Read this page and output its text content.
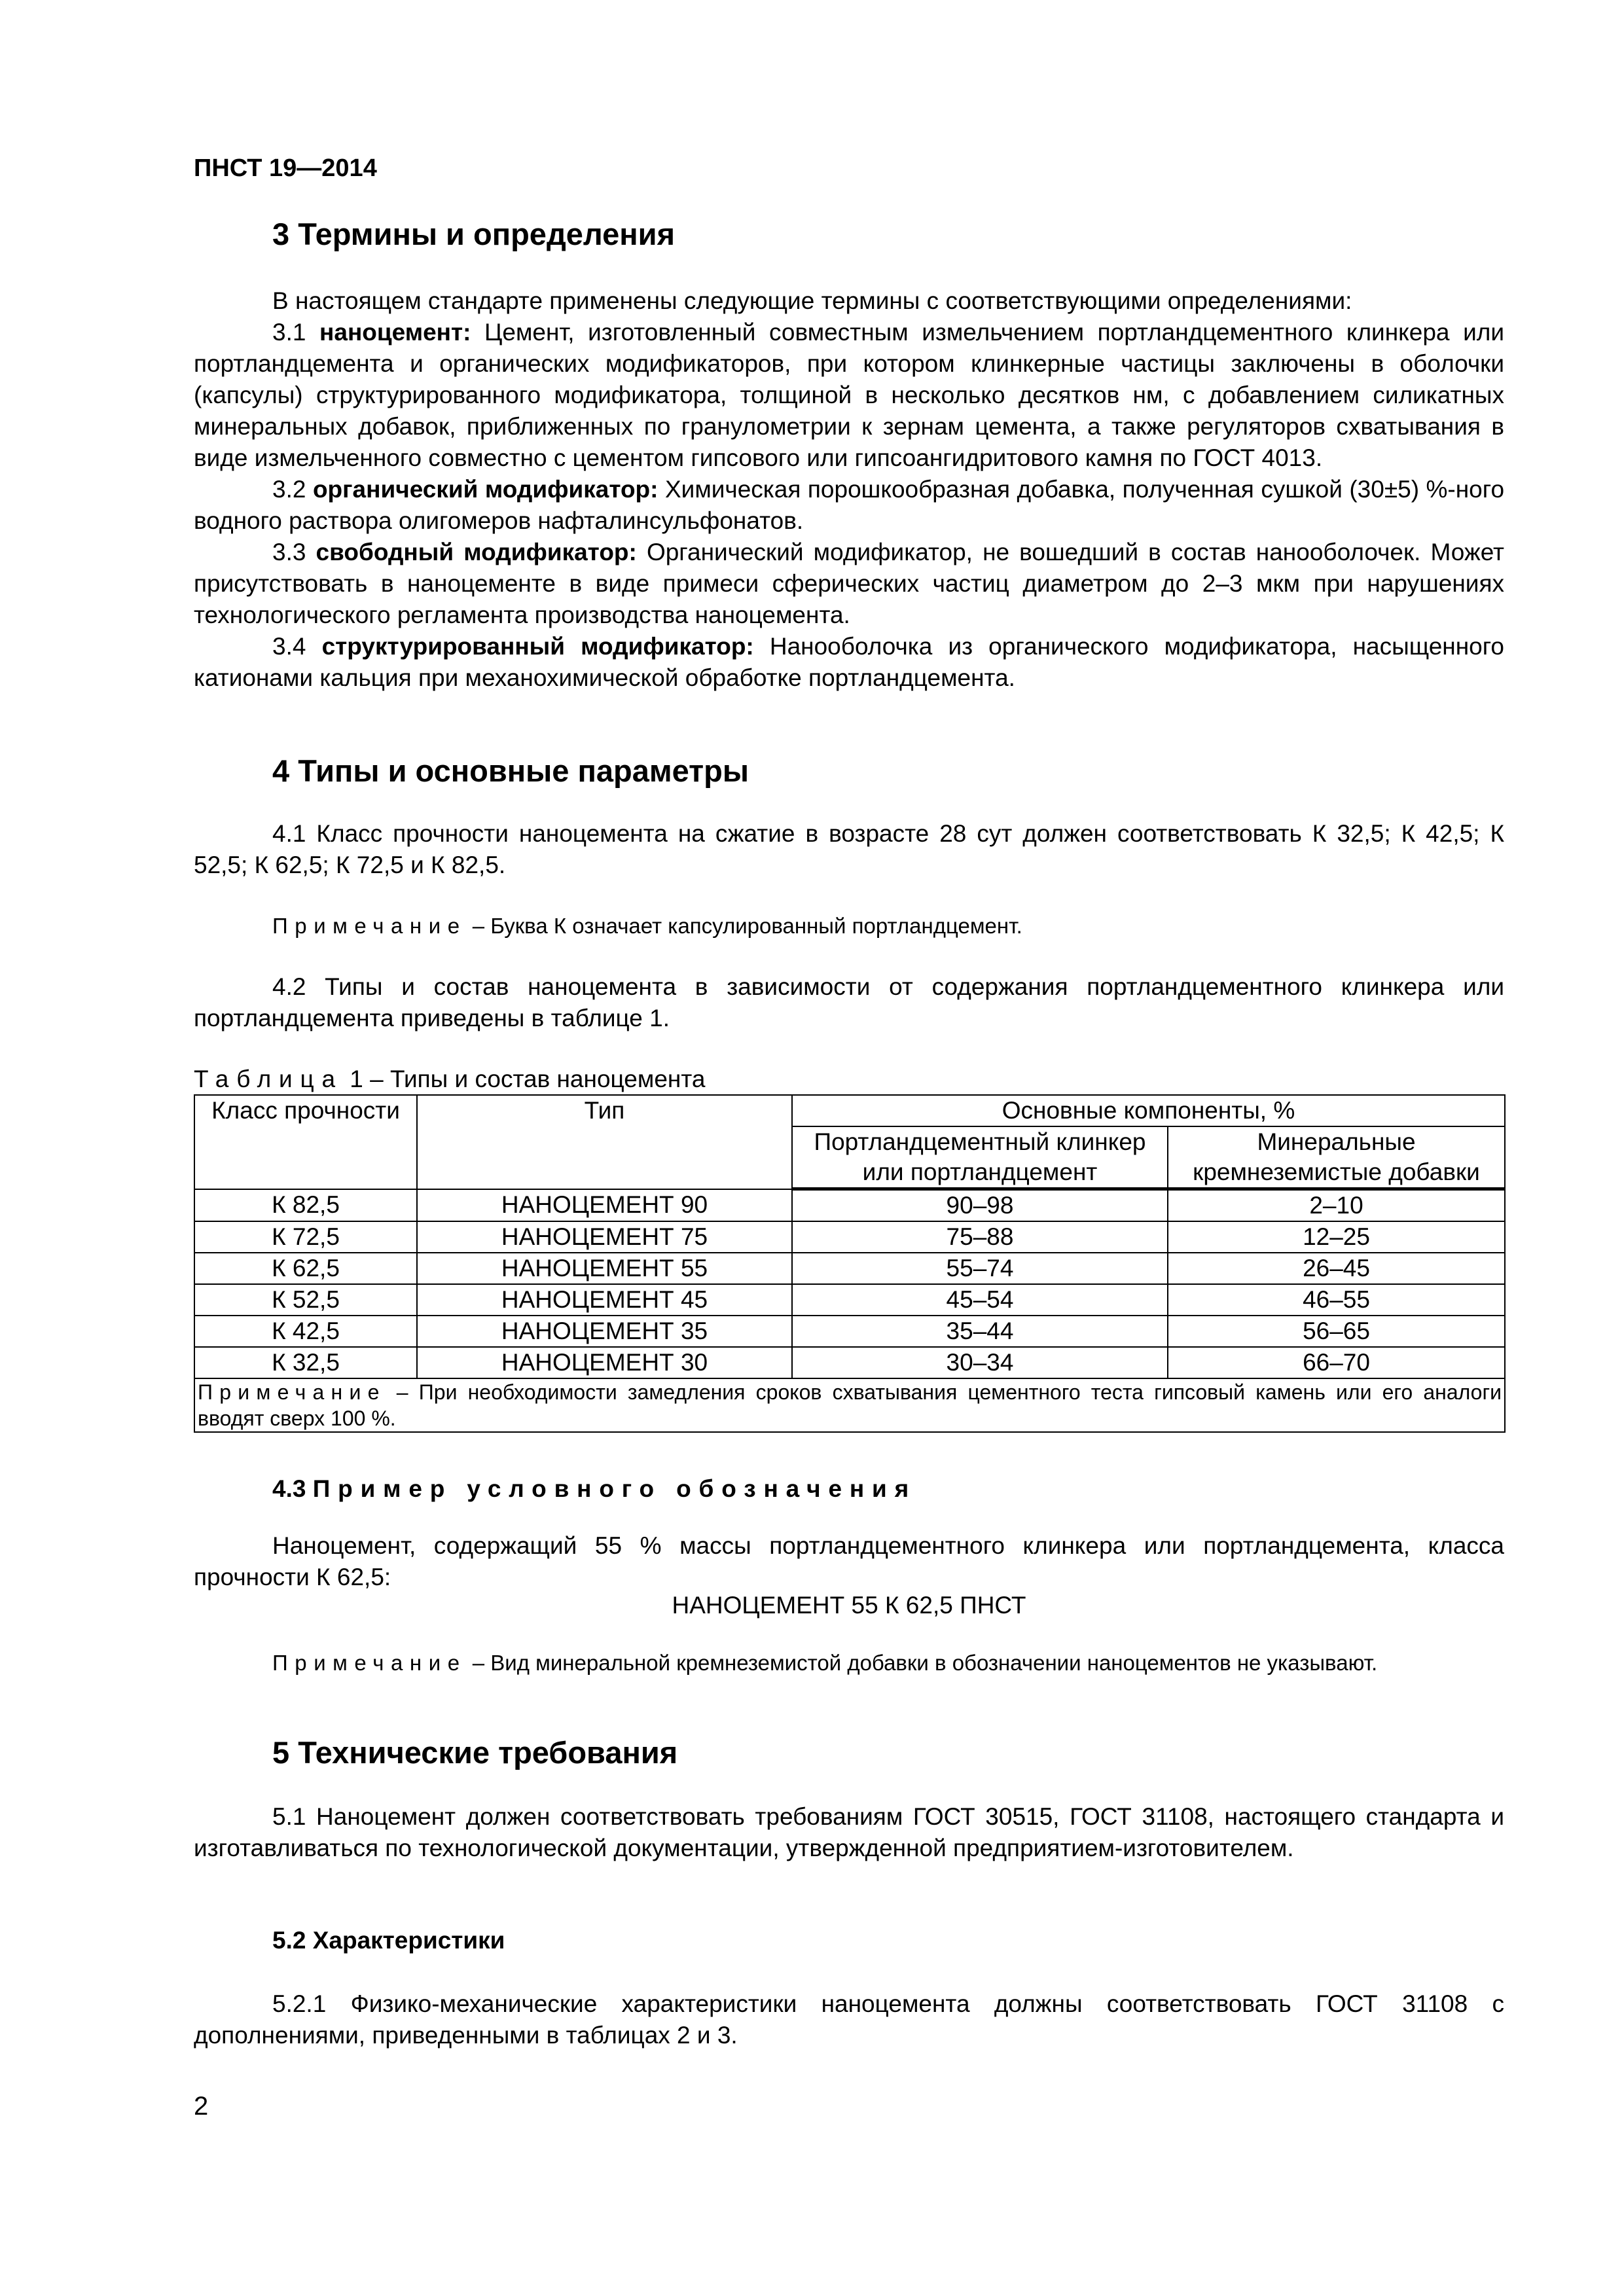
ПНСТ 19—2014
3 Термины и определения

В настоящем стандарте применены следующие термины с соответствующими определениями:

3.1 наноцемент: Цемент, изготовленный совместным измельчением портландцементного клинкера или портландцемента и органических модификаторов, при котором клинкерные частицы заключены в оболочки (капсулы) структурированного модификатора, толщиной в несколько десятков нм, с добавлением силикатных минеральных добавок, приближенных по гранулометрии к зернам цемента, а также регуляторов схватывания в виде измельченного совместно с цементом гипсового или гипсоангидритового камня по ГОСТ 4013.

3.2 органический модификатор: Химическая порошкообразная добавка, полученная сушкой (30±5) %-ного водного раствора олигомеров нафталинсульфонатов.

3.3 свободный модификатор: Органический модификатор, не вошедший в состав нанооболочек. Может присутствовать в наноцементе в виде примеси сферических частиц диаметром до 2–3 мкм при нарушениях технологического регламента производства наноцемента.

3.4 структурированный модификатор: Нанооболочка из органического модификатора, насыщенного катионами кальция при механохимической обработке портландцемента.

4 Типы и основные параметры

4.1 Класс прочности наноцемента на сжатие в возрасте 28 сут должен соответствовать К 32,5; К 42,5; К 52,5; К 62,5; К 72,5 и К 82,5.

Примечание – Буква К означает капсулированный портландцемент.

4.2 Типы и состав наноцемента в зависимости от содержания портландцементного клинкера или портландцемента приведены в таблице 1.

Таблица 1 – Типы и состав наноцемента
Класс прочности	Тип	Основные компоненты, %	
		Портландцементный клинкер или портландцемент	Минеральные кремнеземистые добавки
К 82,5	НАНОЦЕМЕНТ 90	90–98	2–10
К 72,5	НАНОЦЕМЕНТ 75	75–88	12–25
К 62,5	НАНОЦЕМЕНТ 55	55–74	26–45
К 52,5	НАНОЦЕМЕНТ 45	45–54	46–55
К 42,5	НАНОЦЕМЕНТ 35	35–44	56–65
К 32,5	НАНОЦЕМЕНТ 30	30–34	66–70
Примечание – При необходимости замедления сроков схватывания цементного теста гипсовый камень или его аналоги вводят сверх 100 %.			
4.3 Пример условного обозначения

Наноцемент, содержащий 55 % массы портландцементного клинкера или портландцемента, класса прочности К 62,5:

НАНОЦЕМЕНТ 55 К 62,5 ПНСТ

Примечание – Вид минеральной кремнеземистой добавки в обозначении наноцементов не указывают.

5 Технические требования

5.1 Наноцемент должен соответствовать требованиям ГОСТ 30515, ГОСТ 31108, настоящего стандарта и изготавливаться по технологической документации, утвержденной предприятием-изготовителем.

5.2 Характеристики

5.2.1 Физико-механические характеристики наноцемента должны соответствовать ГОСТ 31108 с дополнениями, приведенными в таблицах 2 и 3.

2
